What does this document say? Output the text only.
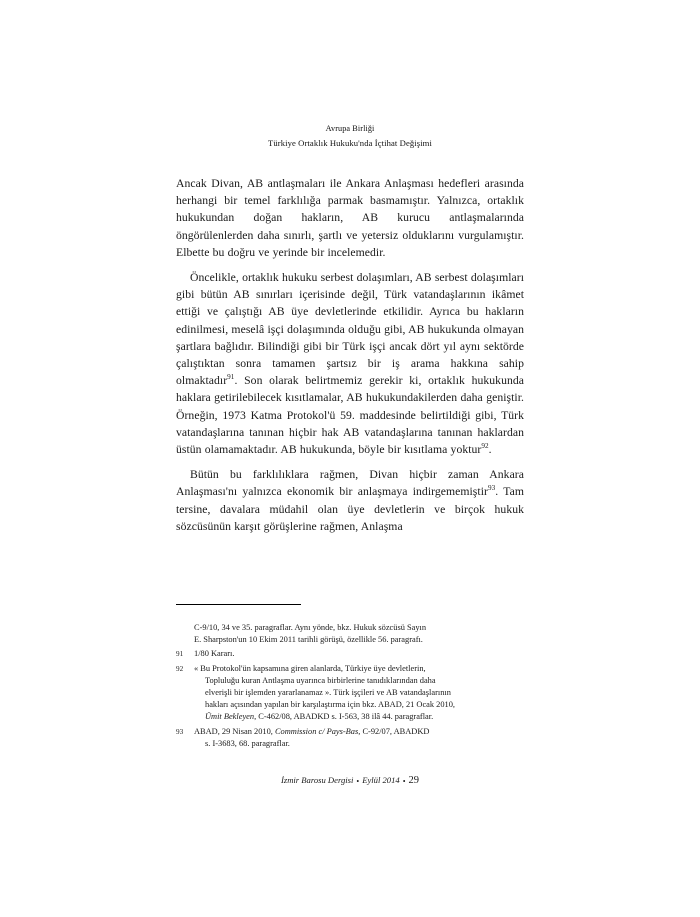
Avrupa Birliği
Türkiye Ortaklık Hukuku'nda İçtihat Değişimi

Ancak Divan, AB antlaşmaları ile Ankara Anlaşması hedefleri arasında herhangi bir temel farklılığa parmak basmamıştır. Yalnızca, ortaklık hukukundan doğan hakların, AB kurucu antlaşmalarında öngörülenlerden daha sınırlı, şartlı ve yetersiz olduklarını vurgulamıştır. Elbette bu doğru ve yerinde bir incelemedir.

Öncelikle, ortaklık hukuku serbest dolaşımları, AB serbest dolaşımları gibi bütün AB sınırları içerisinde değil, Türk vatandaşlarının ikâmet ettiği ve çalıştığı AB üye devletlerinde etkilidir. Ayrıca bu hakların edinilmesi, meselâ işçi dolaşımında olduğu gibi, AB hukukunda olmayan şartlara bağlıdır. Bilindiği gibi bir Türk işçi ancak dört yıl aynı sektörde çalıştıktan sonra tamamen şartsız bir iş arama hakkına sahip olmaktadır$^{91}$. Son olarak belirtmemiz gerekir ki, ortaklık hukukunda haklara getirilebilecek kısıtlamalar, AB hukukundakilerden daha geniştir. Örneğin, 1973 Katma Protokol'ü 59. maddesinde belirtildiği gibi, Türk vatandaşlarına tanınan hiçbir hak AB vatandaşlarına tanınan haklardan üstün olamamaktadır. AB hukukunda, böyle bir kısıtlama yoktur$^{92}$.

Bütün bu farklılıklara rağmen, Divan hiçbir zaman Ankara Anlaşması'nı yalnızca ekonomik bir anlaşmaya indirgememiştir$^{93}$. Tam tersine, davalara müdahil olan üye devletlerin ve birçok hukuk sözcüsünün karşıt görüşlerine rağmen, Anlaşma

C-9/10, 34 ve 35. paragraflar. Aynı yönde, bkz. Hukuk sözcüsü Sayın
E. Sharpston'un 10 Ekim 2011 tarihli görüşü, özellikle 56. paragrafı.
91	1/80 Kararı.
92	« Bu Protokol'ün kapsamına giren alanlarda, Türkiye üye devletlerin,
Topluluğu kuran Antlaşma uyarınca birbirlerine tanıdıklarından daha
elverişli bir işlemden yararlanamaz ». Türk işçileri ve AB vatandaşlarının
hakları açısından yapılan bir karşılaştırma için bkz. ABAD, 21 Ocak 2010,
Ümit Bekleyen, C-462/08, ABADKD s. I-563, 38 ilâ 44. paragraflar.
93	ABAD, 29 Nisan 2010, Commission c/ Pays-Bas, C-92/07, ABADKD
s. I-3683, 68. paragraflar.
İzmir Barosu Dergisi • Eylül 2014 • 29
